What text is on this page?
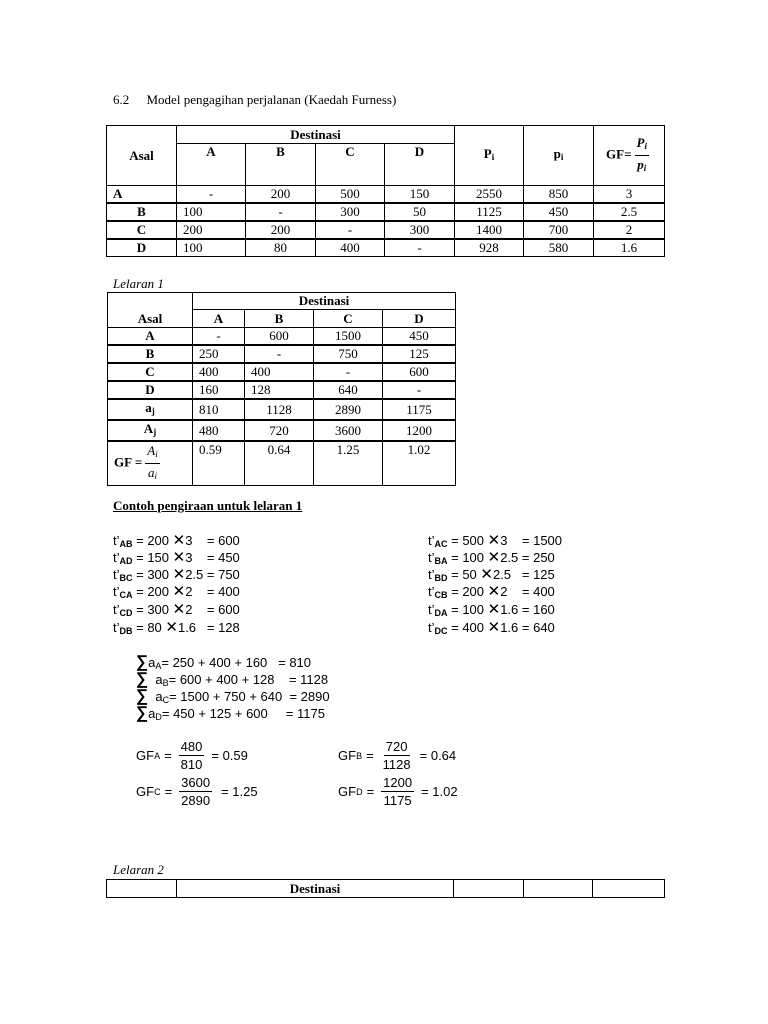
6.2 Model pengagihan perjalanan (Kaedah Furness)
Asal	Destinasi				$P_i$	$p_i$	$GF= \frac{P_i}{p_i}$

	A	B	C	D			
A	-	200	500	150	2550	850	3
B	100	-	300	50	1125	450	2.5
C	200	200	-	300	1400	700	2
D	100	80	400	-	928	580	1.6
Lelaran 1
Asal	Destinasi			
	A	B	C	D
A	-	600	1500	450
B	250	-	750	125
C	400	400	-	600
D	160	128	640	-
$a_j$	810	1128	2890	1175
$A_j$	480	720	3600	1200
GF = $\frac{A_i}{a_i}$	0.59	0.64	1.25	1.02
Contoh pengiraan untuk lelaran 1
$t’_{AB} = 200$ ✕3    = 600
$t’_{AD} = 150$ ✕3    = 450
$t’_{BC} = 300$ ✕2.5 = 750
$t’_{CA} = 200$ ✕2    = 400
$t’_{CD} = 300$ ✕2    = 600
$t’_{DB} = 80$ ✕1.6   = 128
$t’_{AC} = 500$ ✕3    = 1500
$t’_{BA} = 100$ ✕2.5 = 250
$t’_{BD} = 50$ ✕2.5   = 125
$t’_{CB} = 200$ ✕2    = 400
$t’_{DA} = 100$ ✕1.6 = 160
$t’_{DC} = 400$ ✕1.6 = 640
$\sum a_A= 250 + 400 + 160 = 810$
∑  $a_B= 600 + 400 + 128$    = 1128
∑  $a_C= 1500 + 750 + 640 = 2890$
$\sum a_D= 450 + 125 + 600$     = 1175
GF $A = \frac{480}{810} = 0.59$	GF $B = \frac{720}{1128} = 0.64$
GF $C = \frac{3600}{2890} = 1.25$	GF $D = \frac{1200}{1175} = 1.02$
Lelaran 2
	Destinasi			
